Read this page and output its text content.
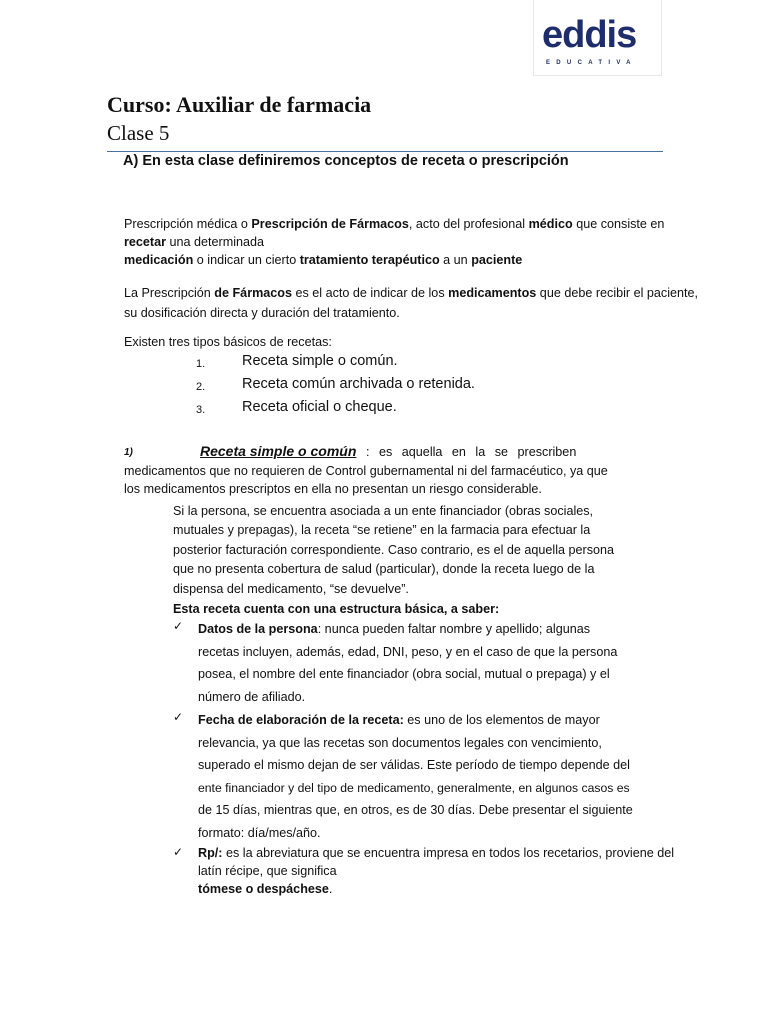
eddis
EDUCATIVA
Curso: Auxiliar de farmacia
Clase 5
A) En esta clase definiremos conceptos de receta o prescripción
Prescripción médica o Prescripción de Fármacos, acto del profesional médico que consiste en
recetar una determinada
medicación o indicar un cierto tratamiento terapéutico a un paciente
La Prescripción de Fármacos es el acto de indicar de los medicamentos que debe recibir el paciente,
su dosificación directa y duración del tratamiento.
Existen tres tipos básicos de recetas:
1.	Receta simple o común.
2.	Receta común archivada o retenida.
3.	Receta oficial o cheque.
1)	Receta simple o común : es aquella en la se prescriben
medicamentos que no requieren de Control gubernamental ni del farmacéutico, ya que
los medicamentos prescriptos en ella no presentan un riesgo considerable.
Si la persona, se encuentra asociada a un ente financiador (obras sociales,
mutuales y prepagas), la receta “se retiene” en la farmacia para efectuar la
posterior facturación correspondiente. Caso contrario, es el de aquella persona
que no presenta cobertura de salud (particular), donde la receta luego de la
dispensa del medicamento, “se devuelve”.
Esta receta cuenta con una estructura básica, a saber:
✓ Datos de la persona: nunca pueden faltar nombre y apellido; algunas
recetas incluyen, además, edad, DNI, peso, y en el caso de que la persona
posea, el nombre del ente financiador (obra social, mutual o prepaga) y el
número de afiliado.
✓ Fecha de elaboración de la receta: es uno de los elementos de mayor
relevancia, ya que las recetas son documentos legales con vencimiento,
superado el mismo dejan de ser válidas. Este período de tiempo depende del
ente financiador y del tipo de medicamento, generalmente, en algunos casos es
de 15 días, mientras que, en otros, es de 30 días. Debe presentar el siguiente
formato: día/mes/año.
✓ Rp/: es la abreviatura que se encuentra impresa en todos los recetarios, proviene del
latín récipe, que significa
tómese o despáchese.
